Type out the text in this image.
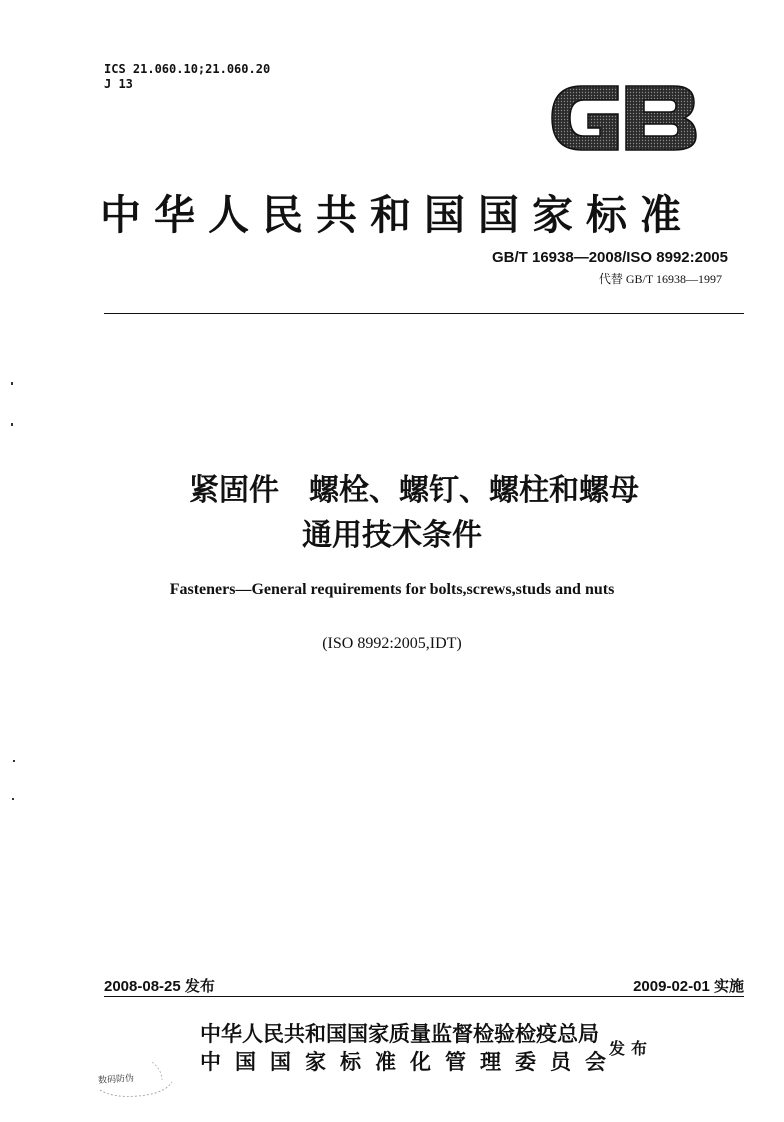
ICS 21.060.10;21.060.20
J 13
中华人民共和国国家标准
GB/T 16938—2008/ISO 8992:2005
代替 GB/T 16938—1997
紧固件　螺栓、螺钉、螺柱和螺母
通用技术条件
Fasteners—General requirements for bolts,screws,studs and nuts
(ISO 8992:2005,IDT)
2008-08-25 发布	2009-02-01 实施
中华人民共和国国家质量监督检验检疫总局
中国国家标准化管理委员会
发布
数码防伪
